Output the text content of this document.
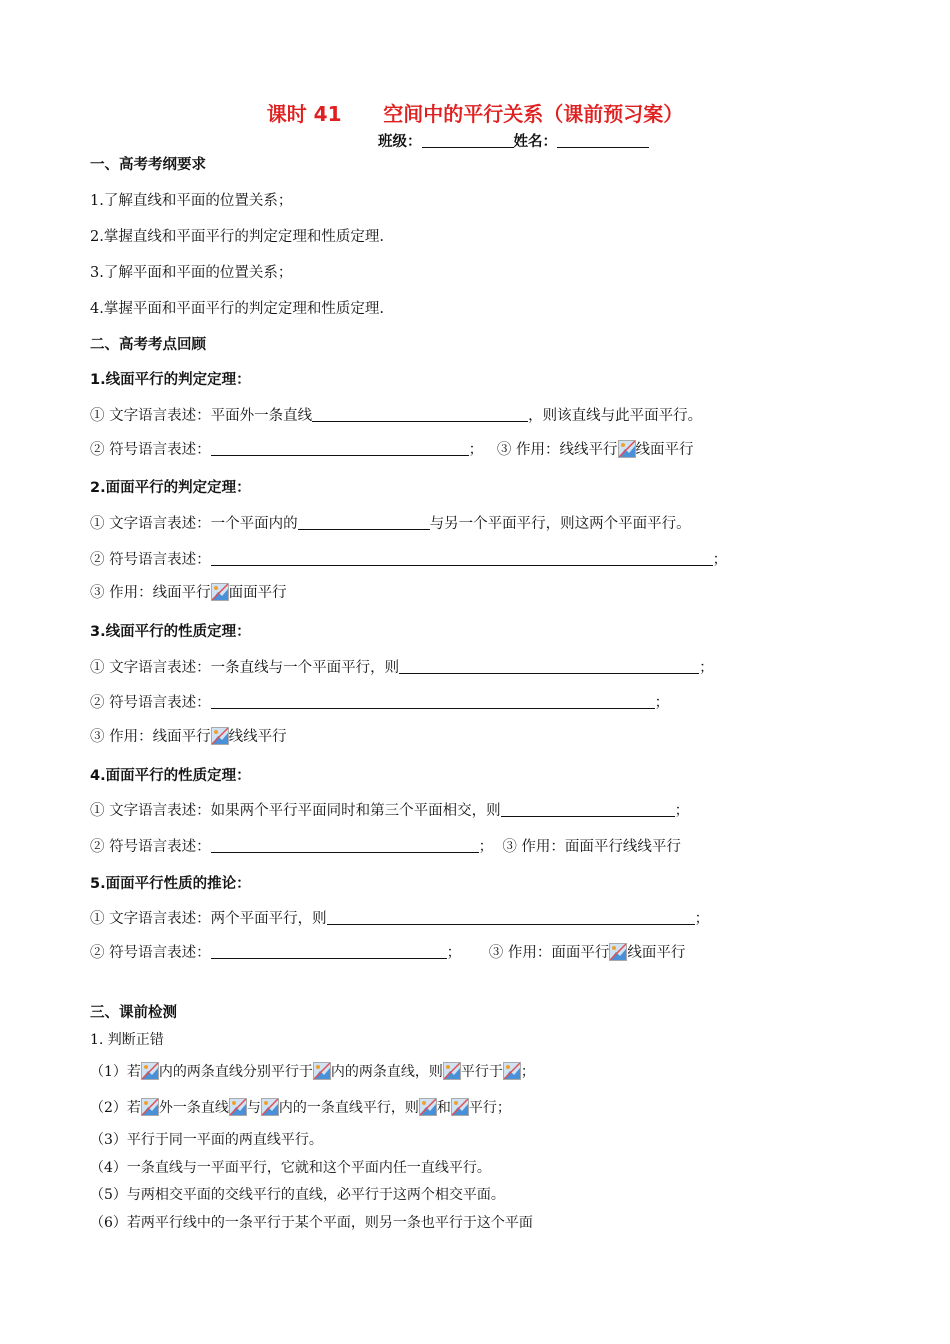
课时 41      空间中的平行关系（课前预习案）
班级：	姓名：
一、高考考纲要求
1.了解直线和平面的位置关系；
2.掌握直线和平面平行的判定定理和性质定理.
3.了解平面和平面的位置关系；
4.掌握平面和平面平行的判定定理和性质定理.
二、高考考点回顾
1.线面平行的判定定理：
① 文字语言表述：平面外一条直线	，则该直线与此平面平行。
② 符号语言表述：	；   ③ 作用：线线平行 线面平行
2.面面平行的判定定理：
① 文字语言表述：一个平面内的	与另一个平面平行，则这两个平面平行。
② 符号语言表述：	；
③ 作用：线面平行 面面平行
3.线面平行的性质定理：
① 文字语言表述：一条直线与一个平面平行，则	；
② 符号语言表述：	；
③ 作用：线面平行 线线平行
4.面面平行的性质定理：
① 文字语言表述：如果两个平行平面同时和第三个平面相交，则	；
② 符号语言表述：	；  ③ 作用：面面平行线线平行
5.面面平行性质的推论：
① 文字语言表述：两个平面平行，则	；
② 符号语言表述：	；      ③ 作用：面面平行 线面平行
三、课前检测
1. 判断正错
（1）若 内的两条直线分别平行于 内的两条直线，则 平行于 ；
（2）若 外一条直线 与 内的一条直线平行，则 和 平行；
（3）平行于同一平面的两直线平行。
（4）一条直线与一平面平行，它就和这个平面内任一直线平行。
（5）与两相交平面的交线平行的直线，必平行于这两个相交平面。
（6）若两平行线中的一条平行于某个平面，则另一条也平行于这个平面
